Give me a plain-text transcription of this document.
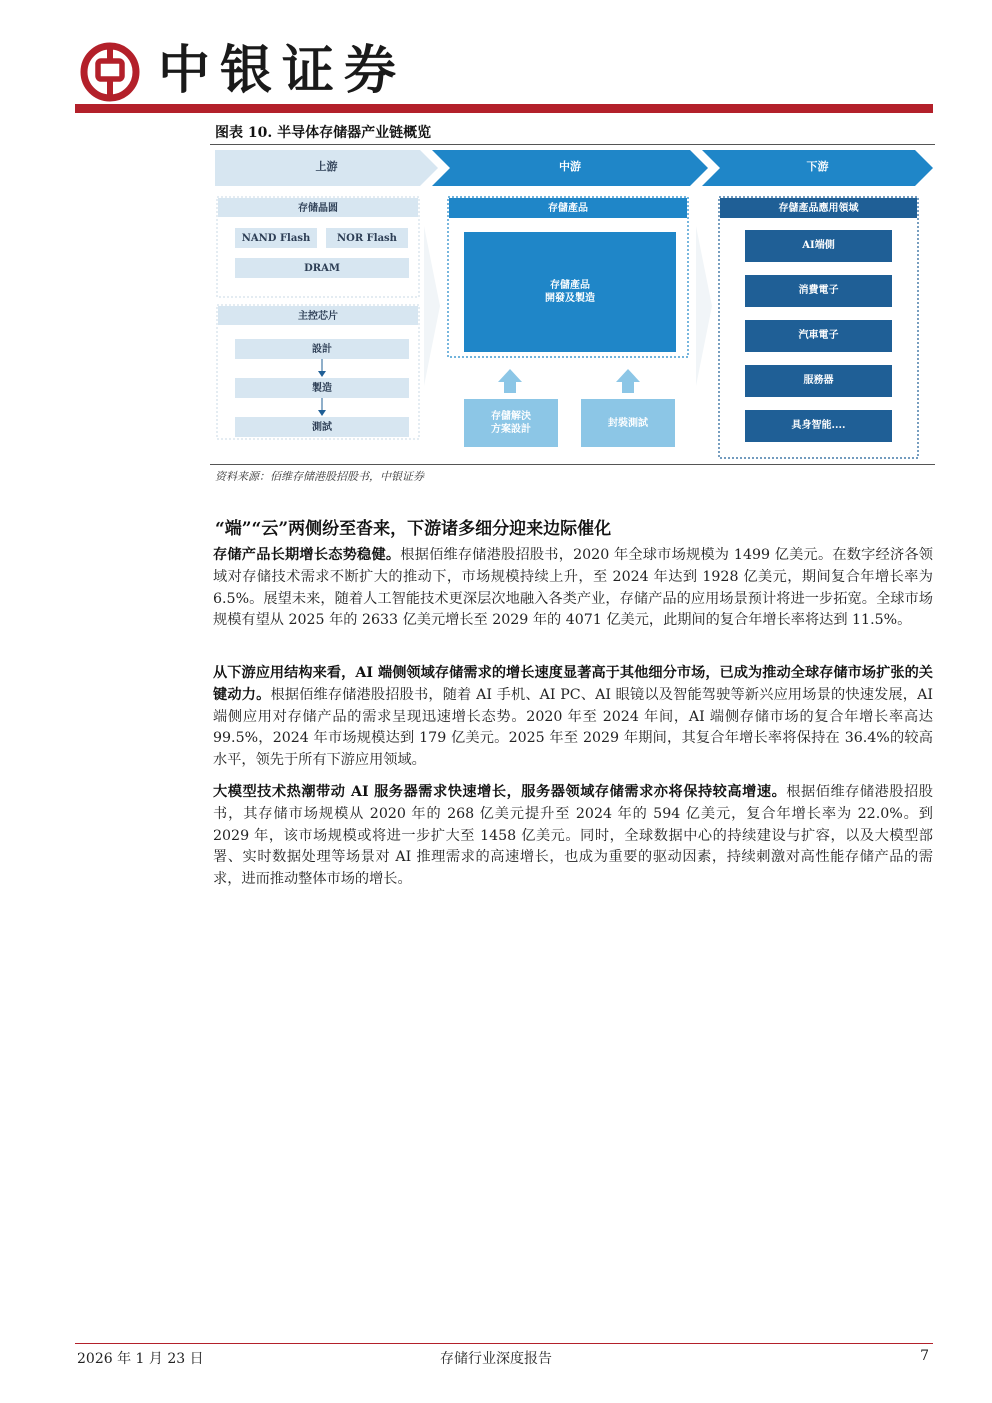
中银证券
图表 10. 半导体存储器产业链概览
上游	中游	下游
存储晶圆
NAND Flash	NOR Flash
DRAM
主控芯片
設計
製造
測試
存儲產品
存儲產品
開發及製造
存儲解決
方案設計
封裝測試
存儲產品應用領域
AI端側
消費電子
汽車電子
服務器
具身智能....
资料来源：佰维存储港股招股书，中银证券
“端”“云”两侧纷至沓来，下游诸多细分迎来边际催化

存储产品长期增长态势稳健。根据佰维存储港股招股书，2020 年全球市场规模为 1499 亿美元。在数字经济各领域对存储技术需求不断扩大的推动下，市场规模持续上升，至 2024 年达到 1928 亿美元，期间复合年增长率为 6.5%。展望未来，随着人工智能技术更深层次地融入各类产业，存储产品的应用场景预计将进一步拓宽。全球市场规模有望从 2025 年的 2633 亿美元增长至 2029 年的 4071 亿美元，此期间的复合年增长率将达到 11.5%。

从下游应用结构来看，AI 端侧领域存储需求的增长速度显著高于其他细分市场，已成为推动全球存储市场扩张的关键动力。根据佰维存储港股招股书，随着 AI 手机、AI PC、AI 眼镜以及智能驾驶等新兴应用场景的快速发展，AI 端侧应用对存储产品的需求呈现迅速增长态势。2020 年至 2024 年间，AI 端侧存储市场的复合年增长率高达 99.5%，2024 年市场规模达到 179 亿美元。2025 年至 2029 年期间，其复合年增长率将保持在 36.4%的较高水平，领先于所有下游应用领域。

大模型技术热潮带动 AI 服务器需求快速增长，服务器领域存储需求亦将保持较高增速。根据佰维存储港股招股书，其存储市场规模从 2020 年的 268 亿美元提升至 2024 年的 594 亿美元，复合年增长率为 22.0%。到 2029 年，该市场规模或将进一步扩大至 1458 亿美元。同时，全球数据中心的持续建设与扩容，以及大模型部署、实时数据处理等场景对 AI 推理需求的高速增长，也成为重要的驱动因素，持续刺激对高性能存储产品的需求，进而推动整体市场的增长。

2026 年 1 月 23 日	存储行业深度报告	7
